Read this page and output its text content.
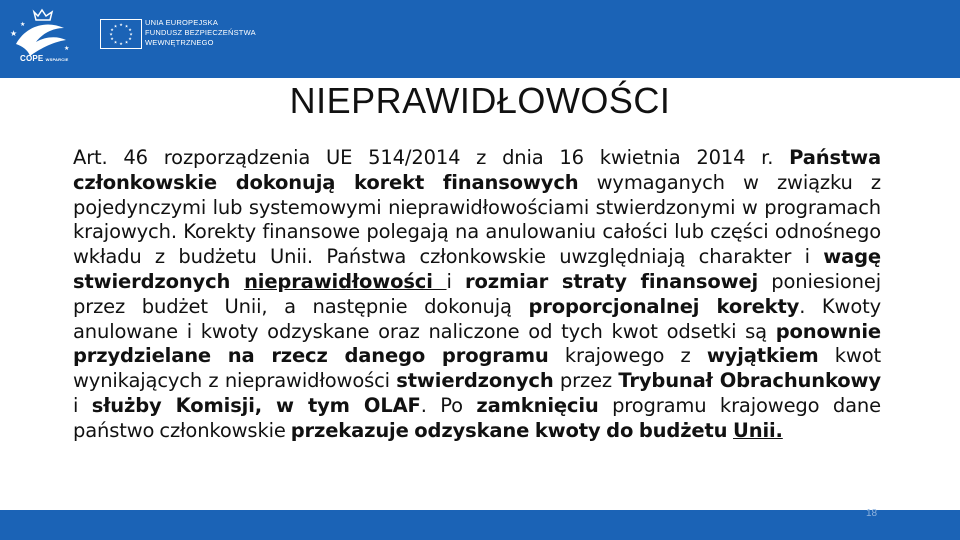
★
★
★
COPE WSPARCIE
★ ★
★
★
★
★
★
★
★
★
★
★	UNIA EUROPEJSKA
FUNDUSZ BEZPIECZEŃSTWA
WEWNĘTRZNEGO
NIEPRAWIDŁOWOŚCI

Art. 46 rozporządzenia UE 514/2014 z dnia 16 kwietnia 2014 r. Państwa członkowskie dokonują korekt finansowych wymaganych w związku z pojedynczymi lub systemowymi nieprawidłowościami stwierdzonymi w programach krajowych. Korekty finansowe polegają na anulowaniu całości lub części odnośnego wkładu z budżetu Unii. Państwa członkowskie uwzględniają charakter i wagę stwierdzonych nieprawidłowości i rozmiar straty finansowej poniesionej przez budżet Unii, a następnie dokonują proporcjonalnej korekty. Kwoty anulowane i kwoty odzyskane oraz naliczone od tych kwot odsetki są ponownie przydzielane na rzecz danego programu krajowego z wyjątkiem kwot wynikających z nieprawidłowości stwierdzonych przez Trybunał Obrachunkowy i służby Komisji, w tym OLAF. Po zamknięciu programu krajowego dane państwo członkowskie przekazuje odzyskane kwoty do budżetu Unii.

18
